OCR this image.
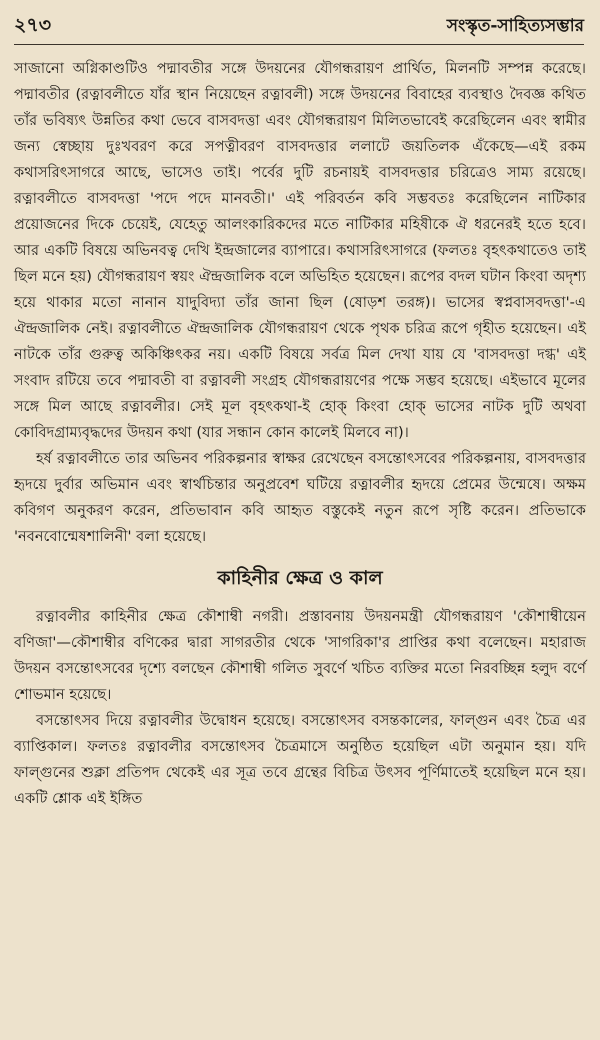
২৭৩	সংস্কৃত-সাহিত্যসম্ভার

সাজানো অগ্নিকাণ্ডটিও পদ্মাবতীর সঙ্গে উদয়নের যৌগন্ধরায়ণ প্রার্থিত, মিলনটি সম্পন্ন করেছে। পদ্মাবতীর (রত্নাবলীতে যাঁর স্থান নিয়েছেন রত্নাবলী) সঙ্গে উদয়নের বিবাহের ব্যবস্থাও দৈবজ্ঞ কথিত তাঁর ভবিষ্যৎ উন্নতির কথা ভেবে বাসবদত্তা এবং যৌগন্ধরায়ণ মিলিতভাবেই করেছিলেন এবং স্বামীর জন্য স্বেচ্ছায় দুঃখবরণ করে সপত্নীবরণ বাসবদত্তার ললাটে জয়তিলক এঁকেছে—এই রকম কথাসরিৎসাগরে আছে, ভাসেও তাই। পর্বের দুটি রচনায়ই বাসবদত্তার চরিত্রেও সাম্য রয়েছে। রত্নাবলীতে বাসবদত্তা 'পদে পদে মানবতী।' এই পরিবর্তন কবি সম্ভবতঃ করেছিলেন নাটিকার প্রয়োজনের দিকে চেয়েই, যেহেতু আলংকারিকদের মতে নাটিকার মহিষীকে ঐ ধরনেরই হতে হবে। আর একটি বিষয়ে অভিনবত্ব দেখি ইন্দ্রজালের ব্যাপারে। কথাসরিৎসাগরে (ফলতঃ বৃহৎকথাতেও তাই ছিল মনে হয়) যৌগন্ধরায়ণ স্বয়ং ঐন্দ্রজালিক বলে অভিহিত হয়েছেন। রূপের বদল ঘটান কিংবা অদৃশ্য হয়ে থাকার মতো নানান যাদুবিদ্যা তাঁর জানা ছিল (ষোড়শ তরঙ্গ)। ভাসের স্বপ্নবাসবদত্তা'-এ ঐন্দ্রজালিক নেই। রত্নাবলীতে ঐন্দ্রজালিক যৌগন্ধরায়ণ থেকে পৃথক চরিত্র রূপে গৃহীত হয়েছেন। এই নাটকে তাঁর গুরুত্ব অকিঞ্চিৎকর নয়। একটি বিষয়ে সর্বত্র মিল দেখা যায় যে 'বাসবদত্তা দগ্ধ' এই সংবাদ রটিয়ে তবে পদ্মাবতী বা রত্নাবলী সংগ্রহ যৌগন্ধরায়ণের পক্ষে সম্ভব হয়েছে। এইভাবে মূলের সঙ্গে মিল আছে রত্নাবলীর। সেই মূল বৃহৎকথা-ই হোক্ কিংবা হোক্ ভাসের নাটক দুটি অথবা কোবিদগ্রাম্যবৃদ্ধদের উদয়ন কথা (যার সন্ধান কোন কালেই মিলবে না)।

হর্ষ রত্নাবলীতে তার অভিনব পরিকল্পনার স্বাক্ষর রেখেছেন বসন্তোৎসবের পরিকল্পনায়, বাসবদত্তার হৃদয়ে দুর্বার অভিমান এবং স্বার্থচিন্তার অনুপ্রবেশ ঘটিয়ে রত্নাবলীর হৃদয়ে প্রেমের উন্মেষে। অক্ষম কবিগণ অনুকরণ করেন, প্রতিভাবান কবি আহৃত বস্তুকেই নতুন রূপে সৃষ্টি করেন। প্রতিভাকে 'নবনবোন্মেষশালিনী' বলা হয়েছে।

কাহিনীর ক্ষেত্র ও কাল

রত্নাবলীর কাহিনীর ক্ষেত্র কৌশাম্বী নগরী। প্রস্তাবনায় উদয়নমন্ত্রী যৌগন্ধরায়ণ 'কৌশাম্বীয়েন বণিজা'—কৌশাম্বীর বণিকের দ্বারা সাগরতীর থেকে 'সাগরিকা'র প্রাপ্তির কথা বলেছেন। মহারাজ উদয়ন বসন্তোৎসবের দৃশ্যে বলছেন কৌশাম্বী গলিত সুবর্ণে খচিত ব্যক্তির মতো নিরবচ্ছিন্ন হলুদ বর্ণে শোভমান হয়েছে।

বসন্তোৎসব দিয়ে রত্নাবলীর উদ্বোধন হয়েছে। বসন্তোৎসব বসন্তকালের, ফাল্গুন এবং চৈত্র এর ব্যাপ্তিকাল। ফলতঃ রত্নাবলীর বসন্তোৎসব চৈত্রমাসে অনুষ্ঠিত হয়েছিল এটা অনুমান হয়। যদি ফাল্গুনের শুক্লা প্রতিপদ থেকেই এর সূত্র তবে গ্রন্থের বিচিত্র উৎসব পূর্ণিমাতেই হয়েছিল মনে হয়। একটি শ্লোক এই ইঙ্গিত
